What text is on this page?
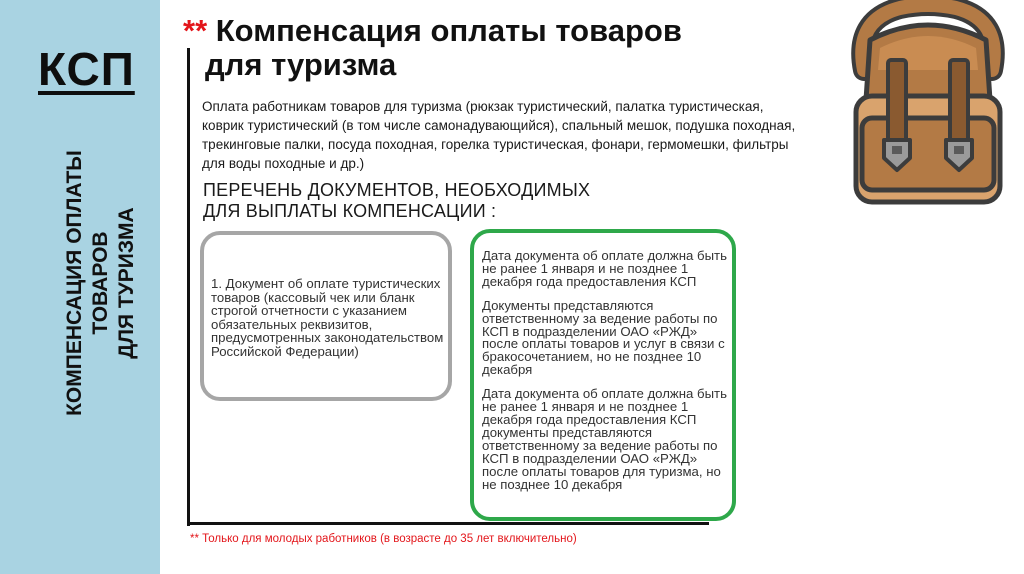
КСП
КОМПЕНСАЦИЯ ОПЛАТЫ ТОВАРОВ ДЛЯ ТУРИЗМА
** Компенсация оплаты товаров
для туризма
Оплата работникам товаров для туризма (рюкзак туристический, палатка туристическая, коврик туристический (в том числе самонадувающийся), спальный мешок, подушка походная, трекинговые палки, посуда походная, горелка туристическая, фонари, гермомешки, фильтры для воды походные и др.)
ПЕРЕЧЕНЬ ДОКУМЕНТОВ, НЕОБХОДИМЫХ
ДЛЯ ВЫПЛАТЫ КОМПЕНСАЦИИ :
1. Документ об оплате туристических товаров (кассовый чек или бланк строгой отчетности с указанием обязательных реквизитов, предусмотренных законодательством Российской Федерации)

Дата документа об оплате должна быть не ранее 1 января и не позднее 1 декабря года предоставления КСП

Документы представляются ответственному за ведение работы по КСП в подразделении ОАО «РЖД» после оплаты товаров и услуг в связи с бракосочетанием, но не позднее 10 декабря

Дата документа об оплате должна быть не ранее 1 января и не позднее 1 декабря года предоставления КСП документы представляются ответственному за ведение работы по КСП в подразделении ОАО «РЖД» после оплаты товаров для туризма, но не позднее 10 декабря

** Только для молодых работников (в возрасте до 35 лет включительно)
